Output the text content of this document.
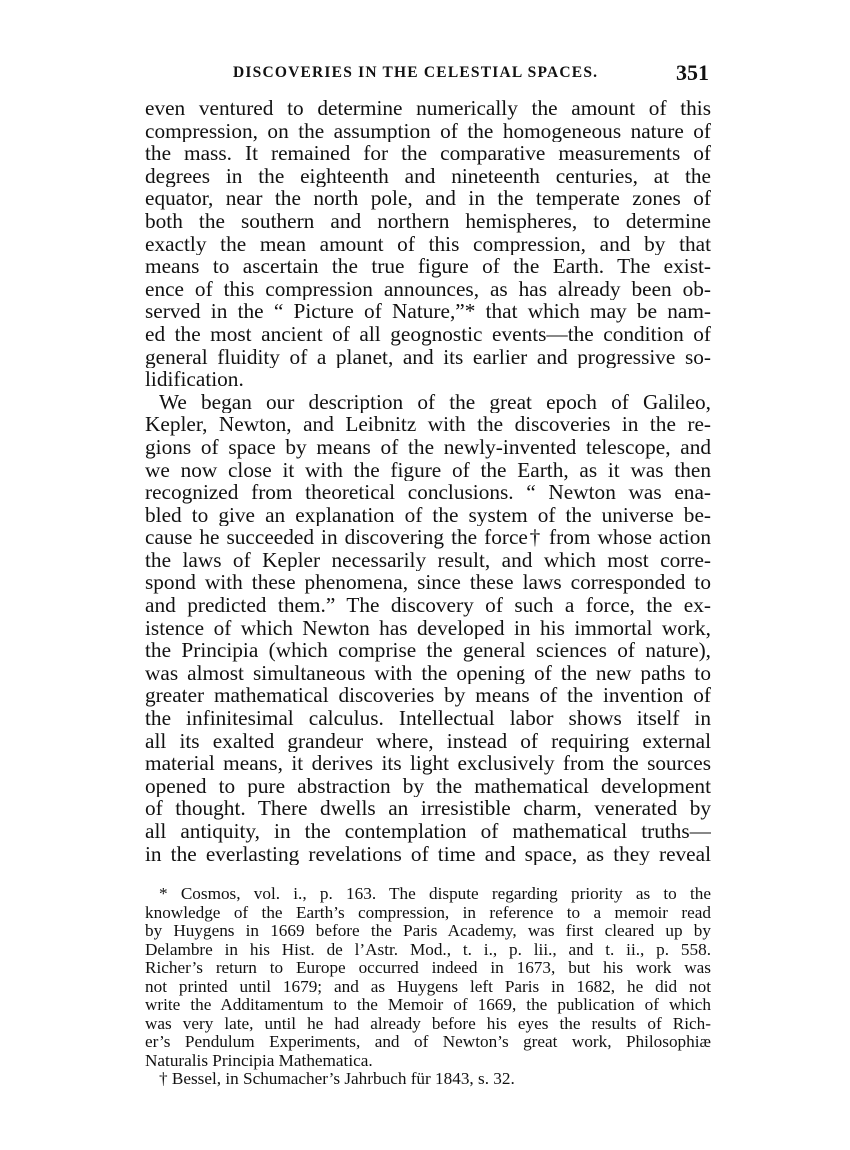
DISCOVERIES IN THE CELESTIAL SPACES.	351
even ventured to determine numerically the amount of this
compression, on the assumption of the homogeneous nature of
the mass. It remained for the comparative measurements of
degrees in the eighteenth and nineteenth centuries, at the
equator, near the north pole, and in the temperate zones of
both the southern and northern hemispheres, to determine
exactly the mean amount of this compression, and by that
means to ascertain the true figure of the Earth. The exist-
ence of this compression announces, as has already been ob-
served in the “ Picture of Nature,”* that which may be nam-
ed the most ancient of all geognostic events—the condition of
general fluidity of a planet, and its earlier and progressive so-
lidification.
We began our description of the great epoch of Galileo,
Kepler, Newton, and Leibnitz with the discoveries in the re-
gions of space by means of the newly-invented telescope, and
we now close it with the figure of the Earth, as it was then
recognized from theoretical conclusions. “ Newton was ena-
bled to give an explanation of the system of the universe be-
cause he succeeded in discovering the force† from whose action
the laws of Kepler necessarily result, and which most corre-
spond with these phenomena, since these laws corresponded to
and predicted them.” The discovery of such a force, the ex-
istence of which Newton has developed in his immortal work,
the Principia (which comprise the general sciences of nature),
was almost simultaneous with the opening of the new paths to
greater mathematical discoveries by means of the invention of
the infinitesimal calculus. Intellectual labor shows itself in
all its exalted grandeur where, instead of requiring external
material means, it derives its light exclusively from the sources
opened to pure abstraction by the mathematical development
of thought. There dwells an irresistible charm, venerated by
all antiquity, in the contemplation of mathematical truths—
in the everlasting revelations of time and space, as they reveal
* Cosmos, vol. i., p. 163. The dispute regarding priority as to the
knowledge of the Earth’s compression, in reference to a memoir read
by Huygens in 1669 before the Paris Academy, was first cleared up by
Delambre in his Hist. de l’Astr. Mod., t. i., p. lii., and t. ii., p. 558.
Richer’s return to Europe occurred indeed in 1673, but his work was
not printed until 1679; and as Huygens left Paris in 1682, he did not
write the Additamentum to the Memoir of 1669, the publication of which
was very late, until he had already before his eyes the results of Rich-
er’s Pendulum Experiments, and of Newton’s great work, Philosophiæ
Naturalis Principia Mathematica.
† Bessel, in Schumacher’s Jahrbuch für 1843, s. 32.
